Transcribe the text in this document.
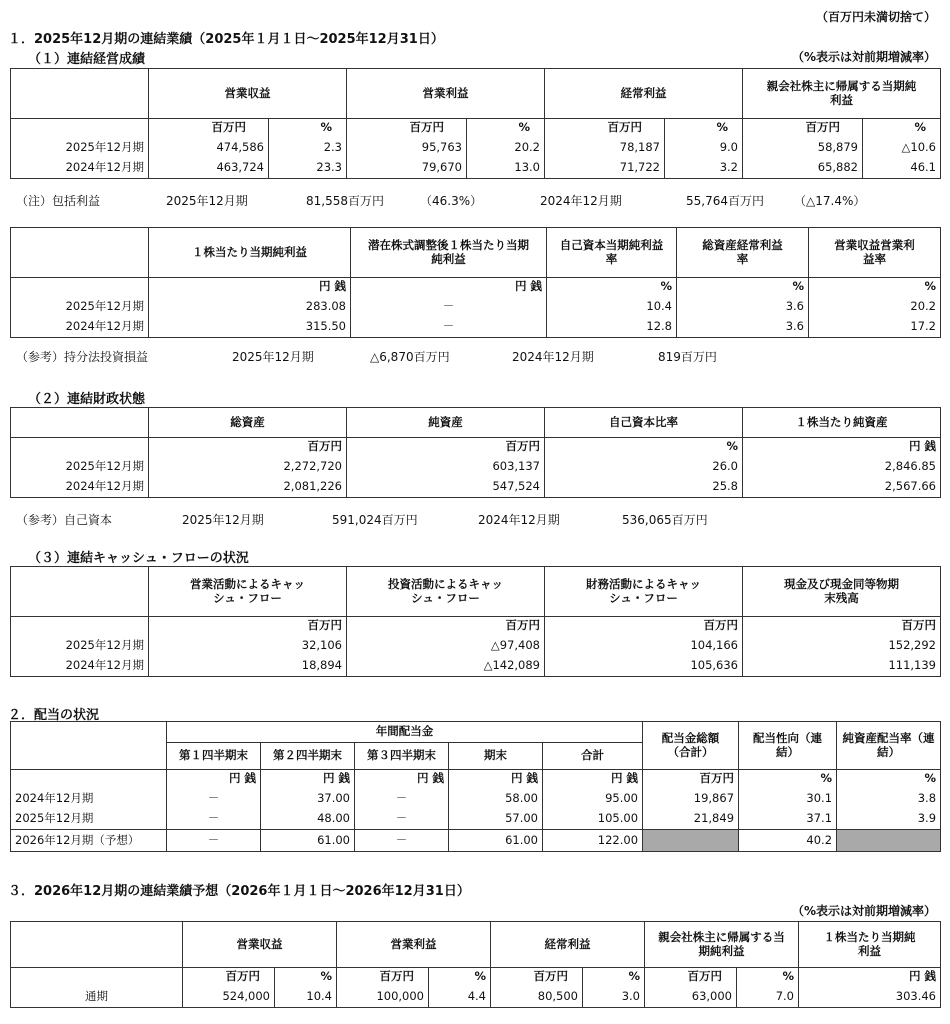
（百万円未満切捨て）
１．2025年12月期の連結業績（2025年１月１日～2025年12月31日）
（１）連結経営成績	（%表示は対前期増減率）
	営業収益		営業利益		経常利益		親会社株主に帰属する当期純利益	
	百万円	%	百万円	%	百万円	%	百万円	%
2025年12月期	474,586	2.3	95,763	20.2	78,187	9.0	58,879	△10.6
2024年12月期	463,724	23.3	79,670	13.0	71,722	3.2	65,882	46.1
（注）包括利益	2025年12月期	81,558百万円	（46.3%）	2024年12月期	55,764百万円	（△17.4%）
	１株当たり当期純利益	潜在株式調整後１株当たり当期純利益	自己資本当期純利益率	総資産経常利益率	営業収益営業利益率
	円 銭	円 銭	%	%	%
2025年12月期	283.08	－	10.4	3.6	20.2
2024年12月期	315.50	－	12.8	3.6	17.2
（参考）持分法投資損益	2025年12月期	△6,870百万円	2024年12月期	819百万円
（２）連結財政状態
	総資産	純資産	自己資本比率	１株当たり純資産
	百万円	百万円	%	円 銭
2025年12月期	2,272,720	603,137	26.0	2,846.85
2024年12月期	2,081,226	547,524	25.8	2,567.66
（参考）自己資本	2025年12月期	591,024百万円	2024年12月期	536,065百万円
（３）連結キャッシュ・フローの状況
	営業活動によるキャッシュ・フロー	投資活動によるキャッシュ・フロー	財務活動によるキャッシュ・フロー	現金及び現金同等物期末残高
	百万円	百万円	百万円	百万円
2025年12月期	32,106	△97,408	104,166	152,292
2024年12月期	18,894	△142,089	105,636	111,139
２．配当の状況
	年間配当金					配当金総額（合計）	配当性向（連結）	純資産配当率（連結）
	第１四半期末	第２四半期末	第３四半期末	期末	合計			
	円 銭	円 銭	円 銭	円 銭	円 銭	百万円	%	%
2024年12月期	－	37.00	－	58.00	95.00	19,867	30.1	3.8
2025年12月期	－	48.00	－	57.00	105.00	21,849	37.1	3.9
2026年12月期（予想）	－	61.00	－	61.00	122.00		40.2	
３．2026年12月期の連結業績予想（2026年１月１日～2026年12月31日）
（%表示は対前期増減率）
	営業収益		営業利益		経常利益		親会社株主に帰属する当期純利益		１株当たり当期純利益
	百万円	%	百万円	%	百万円	%	百万円	%	円 銭
通期	524,000	10.4	100,000	4.4	80,500	3.0	63,000	7.0	303.46
